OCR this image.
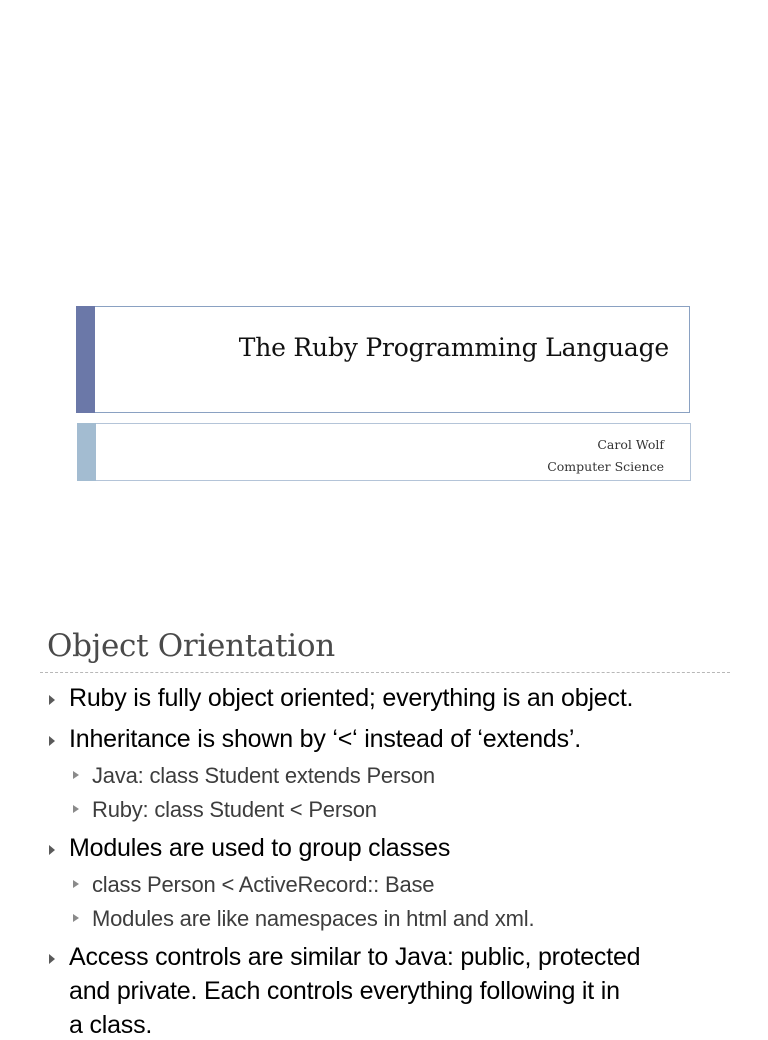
The Ruby Programming Language
Carol Wolf
Computer Science
Object Orientation
Ruby is fully object oriented; everything is an object.
Inheritance is shown by ‘<‘ instead of ‘extends’.
Java: class Student extends Person
Ruby: class Student < Person
Modules are used to group classes
class Person < ActiveRecord:: Base
Modules are like namespaces in html and xml.
Access controls are similar to Java: public, protected
and private. Each controls everything following it in
a class.
